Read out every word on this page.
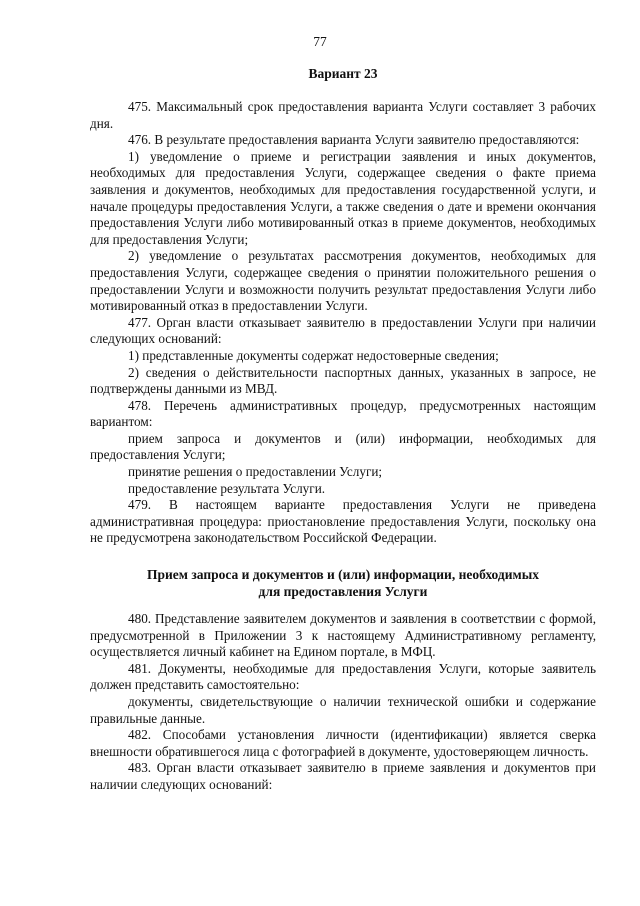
77
Вариант 23

475. Максимальный срок предоставления варианта Услуги составляет 3 рабочих дня.

476. В результате предоставления варианта Услуги заявителю предоставляются:

1) уведомление о приеме и регистрации заявления и иных документов, необходимых для предоставления Услуги, содержащее сведения о факте приема заявления и документов, необходимых для предоставления государственной услуги, и начале процедуры предоставления Услуги, а также сведения о дате и времени окончания предоставления Услуги либо мотивированный отказ в приеме документов, необходимых для предоставления Услуги;

2) уведомление о результатах рассмотрения документов, необходимых для предоставления Услуги, содержащее сведения о принятии положительного решения о предоставлении Услуги и возможности получить результат предоставления Услуги либо мотивированный отказ в предоставлении Услуги.

477. Орган власти отказывает заявителю в предоставлении Услуги при наличии следующих оснований:

1) представленные документы содержат недостоверные сведения;

2) сведения о действительности паспортных данных, указанных в запросе, не подтверждены данными из МВД.

478. Перечень административных процедур, предусмотренных настоящим вариантом:

прием запроса и документов и (или) информации, необходимых для предоставления Услуги;

принятие решения о предоставлении Услуги;

предоставление результата Услуги.

479. В настоящем варианте предоставления Услуги не приведена административная процедура: приостановление предоставления Услуги, поскольку она не предусмотрена законодательством Российской Федерации.

Прием запроса и документов и (или) информации, необходимых
для предоставления Услуги

480. Представление заявителем документов и заявления в соответствии с формой, предусмотренной в Приложении 3 к настоящему Административному регламенту, осуществляется личный кабинет на Едином портале, в МФЦ.

481. Документы, необходимые для предоставления Услуги, которые заявитель должен представить самостоятельно:

документы, свидетельствующие о наличии технической ошибки и содержание правильные данные.

482. Способами установления личности (идентификации) является сверка внешности обратившегося лица с фотографией в документе, удостоверяющем личность.

483. Орган власти отказывает заявителю в приеме заявления и документов при наличии следующих оснований:
